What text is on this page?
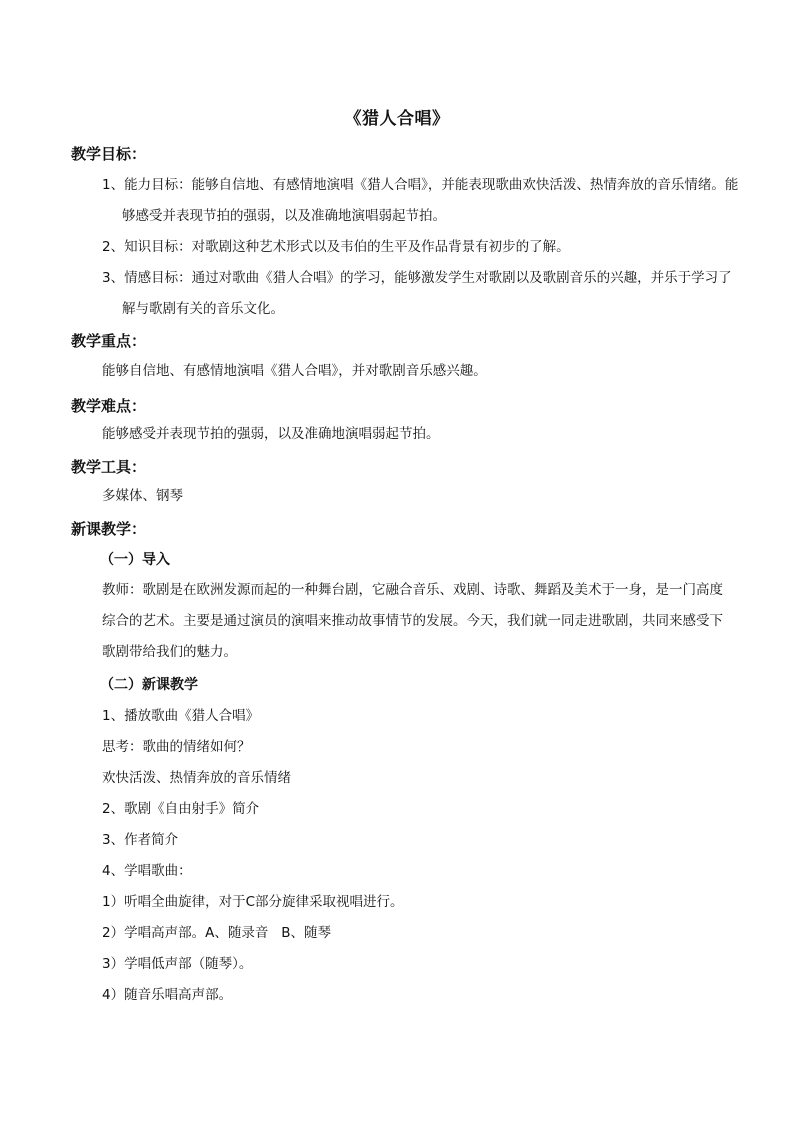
《猎人合唱》
教学目标：
1、能力目标：能够自信地、有感情地演唱《猎人合唱》，并能表现歌曲欢快活泼、热情奔放的音乐情绪。能够感受并表现节拍的强弱，以及准确地演唱弱起节拍。
2、知识目标：对歌剧这种艺术形式以及韦伯的生平及作品背景有初步的了解。
3、情感目标：通过对歌曲《猎人合唱》的学习，能够激发学生对歌剧以及歌剧音乐的兴趣，并乐于学习了解与歌剧有关的音乐文化。
教学重点：
能够自信地、有感情地演唱《猎人合唱》，并对歌剧音乐感兴趣。
教学难点：
能够感受并表现节拍的强弱，以及准确地演唱弱起节拍。
教学工具：
多媒体、钢琴
新课教学：
（一）导入
教师：歌剧是在欧洲发源而起的一种舞台剧，它融合音乐、戏剧、诗歌、舞蹈及美术于一身，是一门高度综合的艺术。主要是通过演员的演唱来推动故事情节的发展。今天，我们就一同走进歌剧，共同来感受下歌剧带给我们的魅力。
（二）新课教学
1、播放歌曲《猎人合唱》
思考：歌曲的情绪如何？
欢快活泼、热情奔放的音乐情绪
2、歌剧《自由射手》简介
3、作者简介
4、学唱歌曲：
1）听唱全曲旋律，对于C部分旋律采取视唱进行。
2）学唱高声部。A、随录音   B、随琴
3）学唱低声部（随琴）。
4）随音乐唱高声部。
